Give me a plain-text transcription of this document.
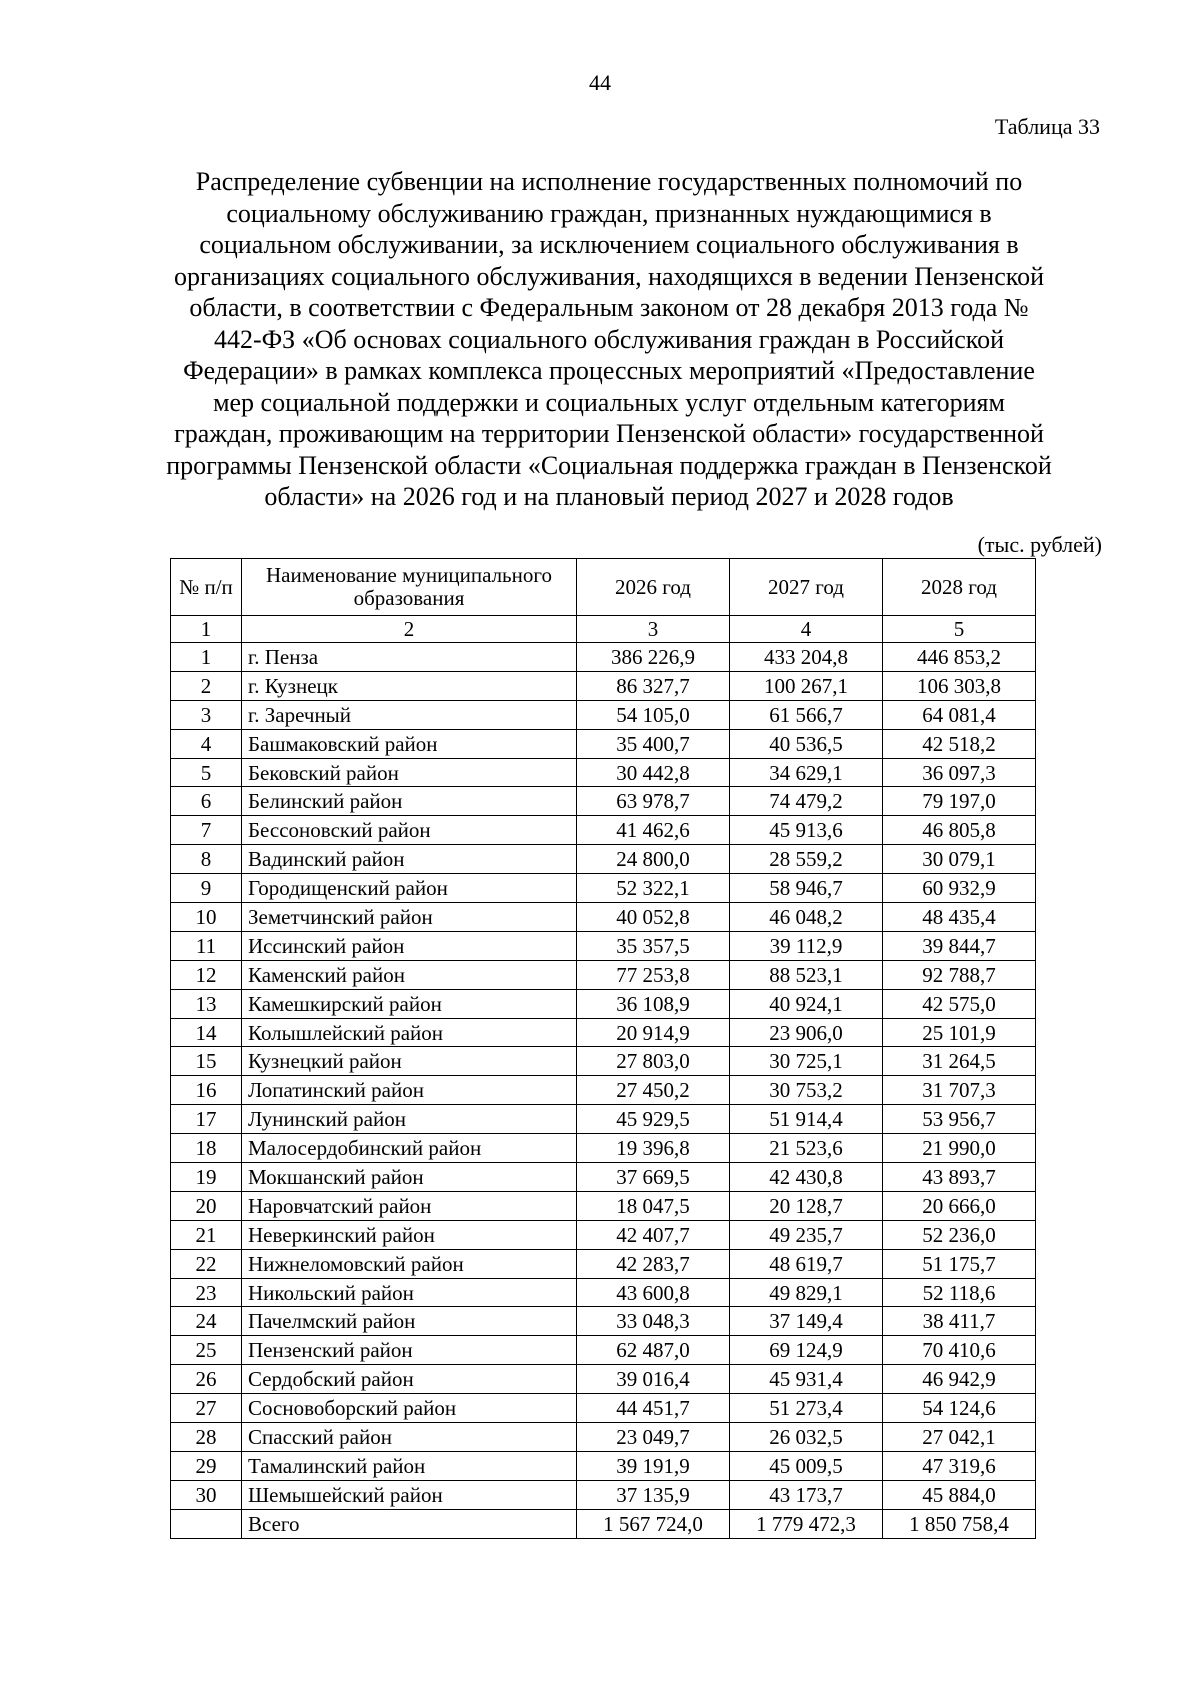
44
Таблица 33
Распределение субвенции на исполнение государственных полномочий по
социальному обслуживанию граждан, признанных нуждающимися в
социальном обслуживании, за исключением социального обслуживания в
организациях социального обслуживания, находящихся в ведении Пензенской
области, в соответствии с Федеральным законом от 28 декабря 2013 года №
442-ФЗ «Об основах социального обслуживания граждан в Российской
Федерации» в рамках комплекса процессных мероприятий «Предоставление
мер социальной поддержки и социальных услуг отдельным категориям
граждан, проживающим на территории Пензенской области» государственной
программы Пензенской области «Социальная поддержка граждан в Пензенской
области» на 2026 год и на плановый период 2027 и 2028 годов
(тыс. рублей)
№ п/п	Наименование муниципального образования	2026 год	2027 год	2028 год
1	2	3	4	5
1	г. Пенза	386 226,9	433 204,8	446 853,2
2	г. Кузнецк	86 327,7	100 267,1	106 303,8
3	г. Заречный	54 105,0	61 566,7	64 081,4
4	Башмаковский район	35 400,7	40 536,5	42 518,2
5	Бековский район	30 442,8	34 629,1	36 097,3
6	Белинский район	63 978,7	74 479,2	79 197,0
7	Бессоновский район	41 462,6	45 913,6	46 805,8
8	Вадинский район	24 800,0	28 559,2	30 079,1
9	Городищенский район	52 322,1	58 946,7	60 932,9
10	Земетчинский район	40 052,8	46 048,2	48 435,4
11	Иссинский район	35 357,5	39 112,9	39 844,7
12	Каменский район	77 253,8	88 523,1	92 788,7
13	Камешкирский район	36 108,9	40 924,1	42 575,0
14	Колышлейский район	20 914,9	23 906,0	25 101,9
15	Кузнецкий район	27 803,0	30 725,1	31 264,5
16	Лопатинский район	27 450,2	30 753,2	31 707,3
17	Лунинский район	45 929,5	51 914,4	53 956,7
18	Малосердобинский район	19 396,8	21 523,6	21 990,0
19	Мокшанский район	37 669,5	42 430,8	43 893,7
20	Наровчатский район	18 047,5	20 128,7	20 666,0
21	Неверкинский район	42 407,7	49 235,7	52 236,0
22	Нижнеломовский район	42 283,7	48 619,7	51 175,7
23	Никольский район	43 600,8	49 829,1	52 118,6
24	Пачелмский район	33 048,3	37 149,4	38 411,7
25	Пензенский район	62 487,0	69 124,9	70 410,6
26	Сердобский район	39 016,4	45 931,4	46 942,9
27	Сосновоборский район	44 451,7	51 273,4	54 124,6
28	Спасский район	23 049,7	26 032,5	27 042,1
29	Тамалинский район	39 191,9	45 009,5	47 319,6
30	Шемышейский район	37 135,9	43 173,7	45 884,0
	Всего	1 567 724,0	1 779 472,3	1 850 758,4
